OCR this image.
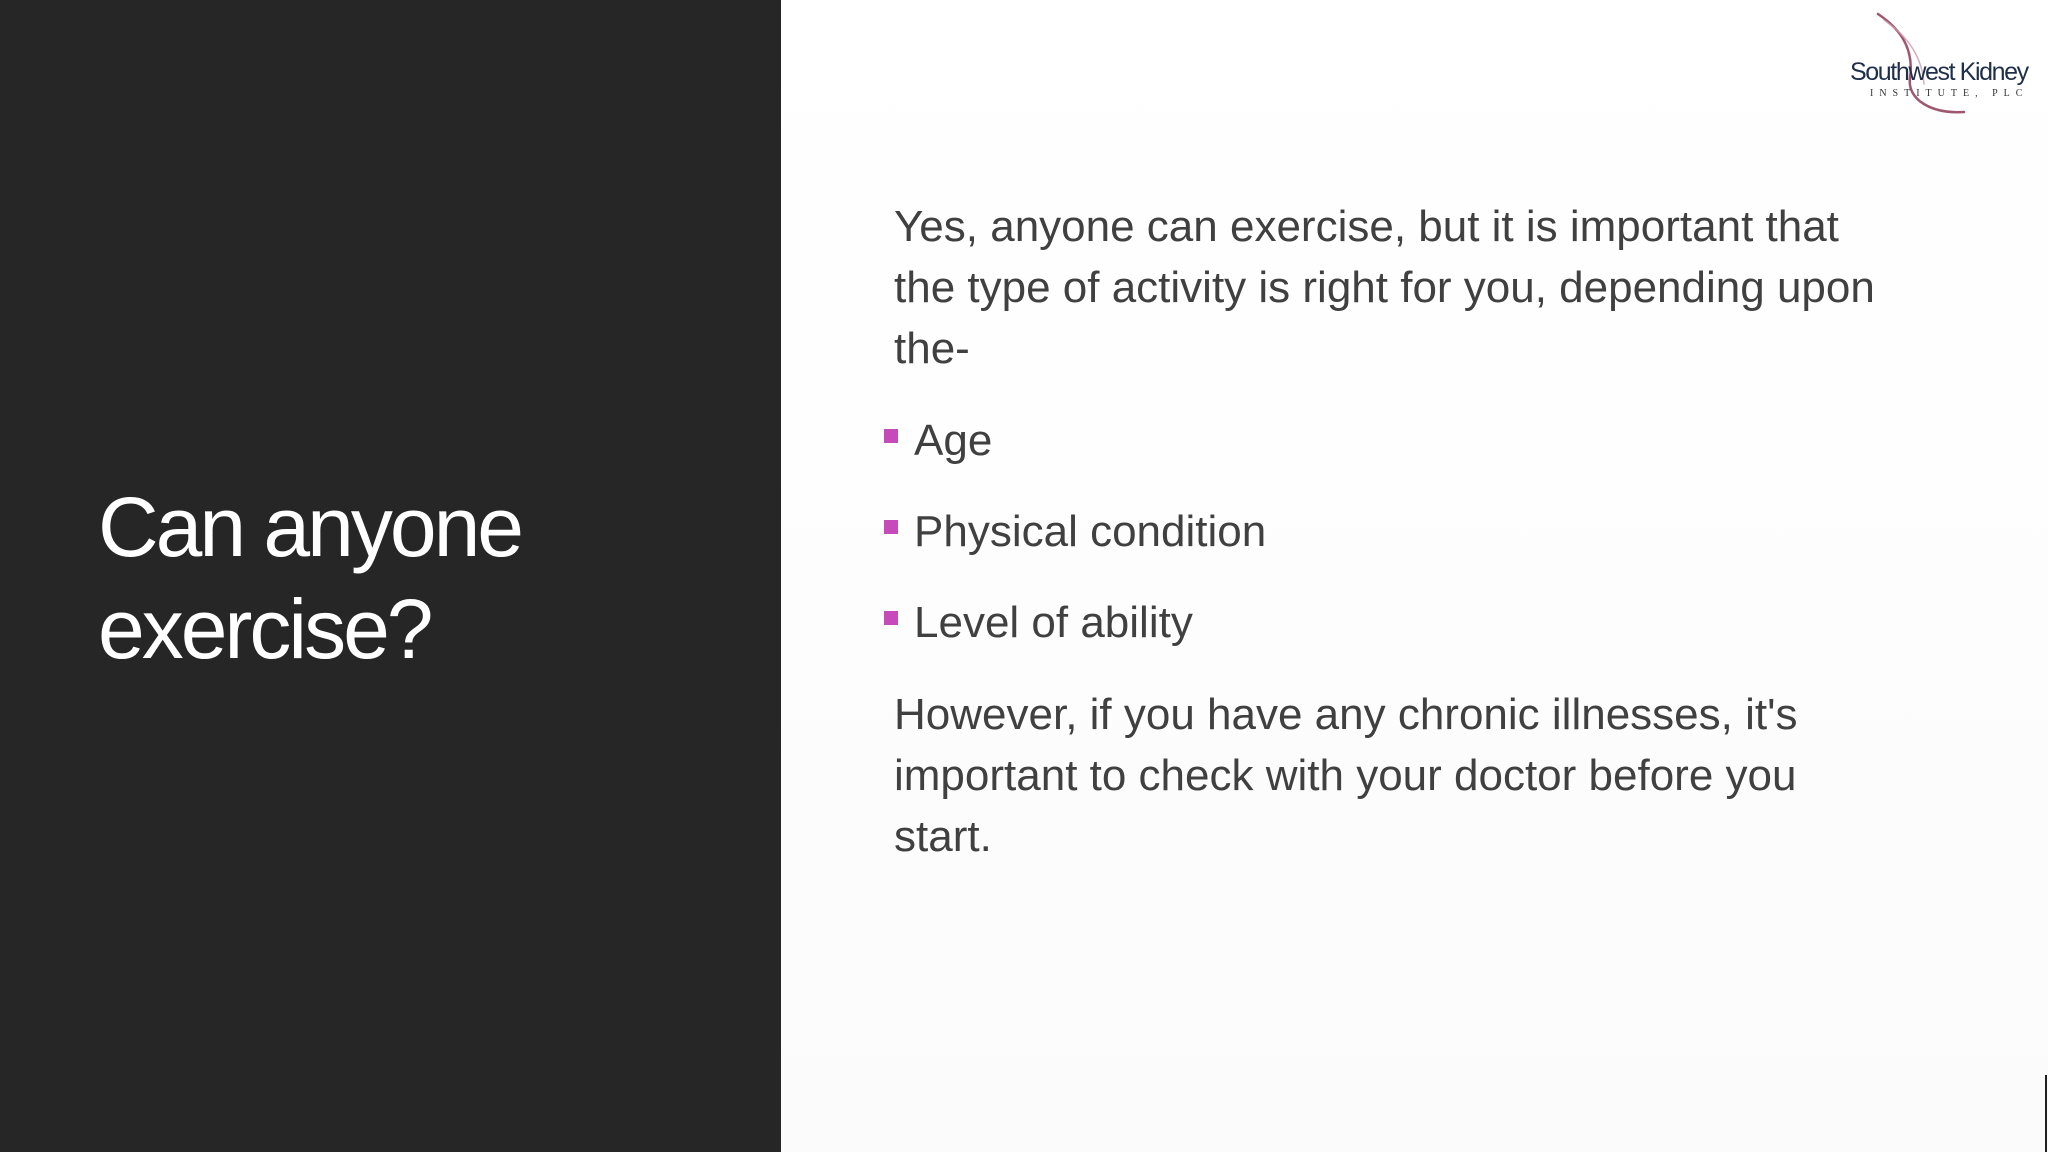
Can anyone
exercise?
Southwest Kidney
INSTITUTE, PLC

Yes, anyone can exercise, but it is important that the type of activity is right for you, depending upon the-

Age
Physical condition
Level of ability

However, if you have any chronic illnesses, it's important to check with your doctor before you start.
